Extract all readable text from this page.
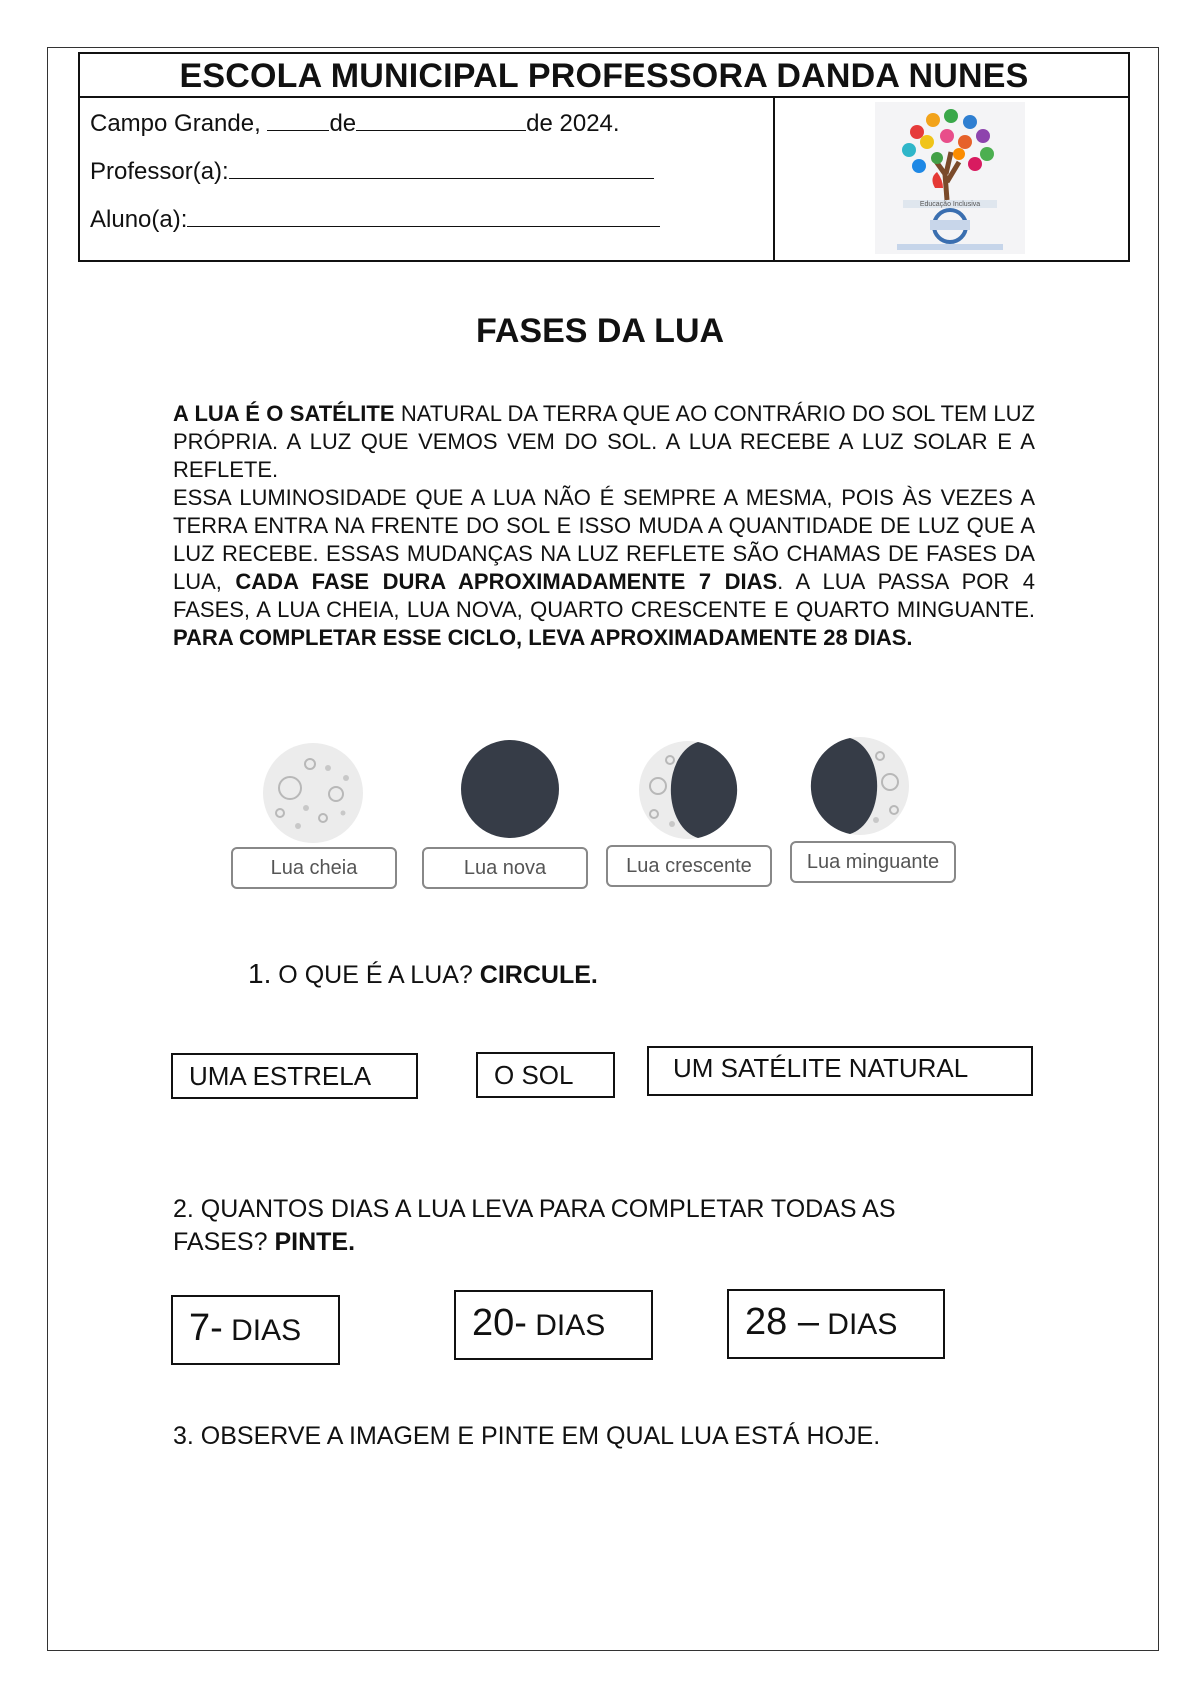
ESCOLA MUNICIPAL PROFESSORA DANDA NUNES
Campo Grande,	de	de 2024.
Professor(a):
Aluno(a):
Educação Inclusiva
FASES DA LUA

A LUA É O SATÉLITE NATURAL DA TERRA QUE AO CONTRÁRIO DO SOL TEM LUZ PRÓPRIA. A LUZ QUE VEMOS VEM DO SOL. A LUA RECEBE A LUZ SOLAR E A REFLETE.

ESSA LUMINOSIDADE QUE A LUA NÃO É SEMPRE A MESMA, POIS ÀS VEZES A TERRA ENTRA NA FRENTE DO SOL E ISSO MUDA A QUANTIDADE DE LUZ QUE A LUZ RECEBE. ESSAS MUDANÇAS NA LUZ REFLETE SÃO CHAMAS DE FASES DA LUA, CADA FASE DURA APROXIMADAMENTE 7 DIAS. A LUA PASSA POR 4 FASES, A LUA CHEIA, LUA NOVA, QUARTO CRESCENTE E QUARTO MINGUANTE. PARA COMPLETAR ESSE CICLO, LEVA APROXIMADAMENTE 28 DIAS.

Lua cheia	Lua nova	Lua crescente	Lua minguante
1. O QUE É A LUA? CIRCULE.
UMA ESTRELA	O SOL	UM SATÉLITE NATURAL
2. QUANTOS DIAS A LUA LEVA PARA COMPLETAR TODAS AS
FASES? PINTE.
7- DIAS	20- DIAS	28 – DIAS
3. OBSERVE A IMAGEM E PINTE EM QUAL LUA ESTÁ HOJE.
